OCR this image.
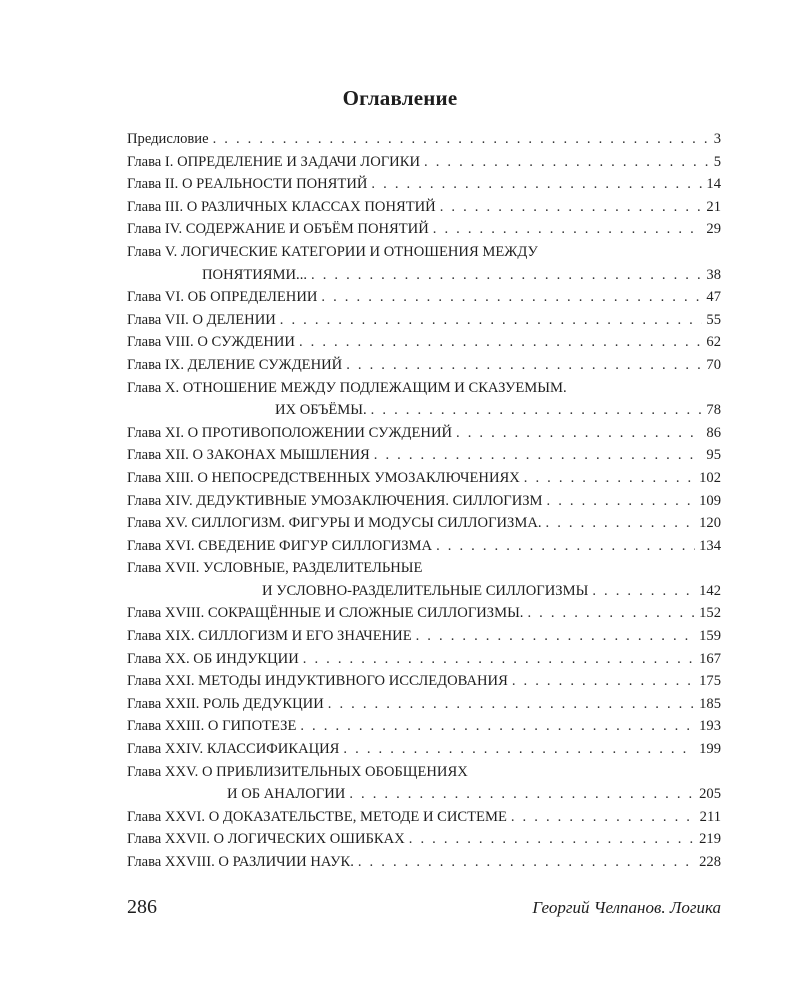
Оглавление
Предисловие . . .	3
Глава I. ОПРЕДЕЛЕНИЕ И ЗАДАЧИ ЛОГИКИ . . .	5
Глава II. О РЕАЛЬНОСТИ ПОНЯТИЙ . . .	14
Глава III. О РАЗЛИЧНЫХ КЛАССАХ ПОНЯТИЙ . . .	21
Глава IV. СОДЕРЖАНИЕ И ОБЪЁМ ПОНЯТИЙ . . .	29
Глава V. ЛОГИЧЕСКИЕ КАТЕГОРИИ И ОТНОШЕНИЯ МЕЖДУ
ПОНЯТИЯМИ... . . .	38
Глава VI. ОБ ОПРЕДЕЛЕНИИ . . .	47
Глава VII. О ДЕЛЕНИИ . . .	55
Глава VIII. О СУЖДЕНИИ . . .	62
Глава IX. ДЕЛЕНИЕ СУЖДЕНИЙ . . .	70
Глава X. ОТНОШЕНИЕ МЕЖДУ ПОДЛЕЖАЩИМ И СКАЗУЕМЫМ.
ИХ ОБЪЁМЫ. . . .	78
Глава XI. О ПРОТИВОПОЛОЖЕНИИ СУЖДЕНИЙ . . .	86
Глава XII. О ЗАКОНАХ МЫШЛЕНИЯ . . .	95
Глава XIII. О НЕПОСРЕДСТВЕННЫХ УМОЗАКЛЮЧЕНИЯХ . . .	102
Глава XIV. ДЕДУКТИВНЫЕ УМОЗАКЛЮЧЕНИЯ. СИЛЛОГИЗМ . . .	109
Глава XV. СИЛЛОГИЗМ. ФИГУРЫ И МОДУСЫ СИЛЛОГИЗМА. . . .	120
Глава XVI. СВЕДЕНИЕ ФИГУР СИЛЛОГИЗМА . . .	134
Глава XVII. УСЛОВНЫЕ, РАЗДЕЛИТЕЛЬНЫЕ
И УСЛОВНО-РАЗДЕЛИТЕЛЬНЫЕ СИЛЛОГИЗМЫ . . .	142
Глава XVIII. СОКРАЩЁННЫЕ И СЛОЖНЫЕ СИЛЛОГИЗМЫ. . . .	152
Глава XIX. СИЛЛОГИЗМ И ЕГО ЗНАЧЕНИЕ . . .	159
Глава XX. ОБ ИНДУКЦИИ . . .	167
Глава XXI. МЕТОДЫ ИНДУКТИВНОГО ИССЛЕДОВАНИЯ . . .	175
Глава XXII. РОЛЬ ДЕДУКЦИИ . . .	185
Глава XXIII. О ГИПОТЕЗЕ . . .	193
Глава XXIV. КЛАССИФИКАЦИЯ . . .	199
Глава XXV. О ПРИБЛИЗИТЕЛЬНЫХ ОБОБЩЕНИЯХ
И ОБ АНАЛОГИИ . . .	205
Глава XXVI. О ДОКАЗАТЕЛЬСТВЕ, МЕТОДЕ И СИСТЕМЕ . . .	211
Глава XXVII. О ЛОГИЧЕСКИХ ОШИБКАХ . . .	219
Глава XXVIII. О РАЗЛИЧИИ НАУК. . . .	228
286	Георгий Челпанов. Логика
